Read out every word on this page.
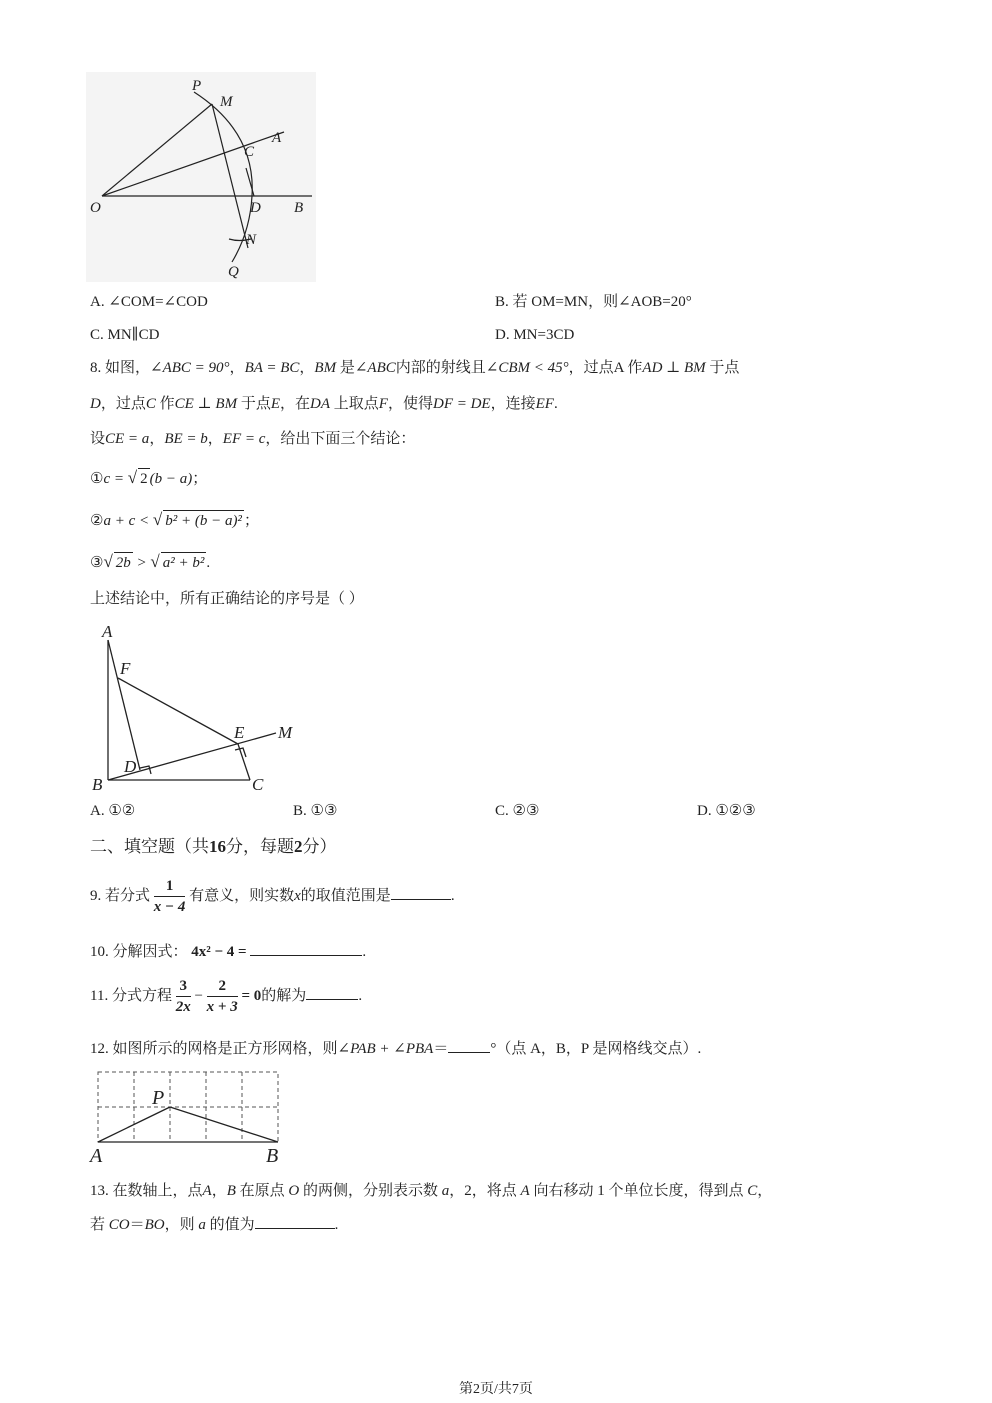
P
M
A
C
O	D B
N
Q
A. ∠COM=∠COD	B. 若 OM=MN，则∠AOB=20°
C. MN∥CD	D. MN=3CD
8. 如图，∠ABC = 90°，BA = BC，BM 是∠ABC内部的射线且∠CBM < 45°，过点A 作AD ⊥ BM 于点
D，过点C 作CE ⊥ BM 于点E，在DA 上取点F，使得DF = DE，连接EF.
设CE = a，BE = b，EF = c，给出下面三个结论：
①c = √ 2 (b − a)；
②a + c < √ b² + (b − a)² ；
③√ 2b > √ a² + b² .
上述结论中，所有正确结论的序号是（ ）
A
F
E M
D
B	C
A. ①②	B. ①③	C. ②③	D. ①②③
二、填空题（共16分，每题2分）
9. 若分式 $\frac{1}{x - 4}$ 有意义，则实数x的取值范围是	.
10. 分解因式： 4x² − 4 =	.
11. 分式方程 $\frac{3}{2x} - \frac{2}{x + 3} = 0$的解为	.
12. 如图所示的网格是正方形网格，则∠PAB + ∠PBA＝	°（点 A，B，P 是网格线交点）.
P
A	B
13. 在数轴上，点A，B 在原点 O 的两侧，分别表示数 a，2，将点 A 向右移动 1 个单位长度，得到点 C，
若 CO＝BO，则 a 的值为	.
第2页/共7页
